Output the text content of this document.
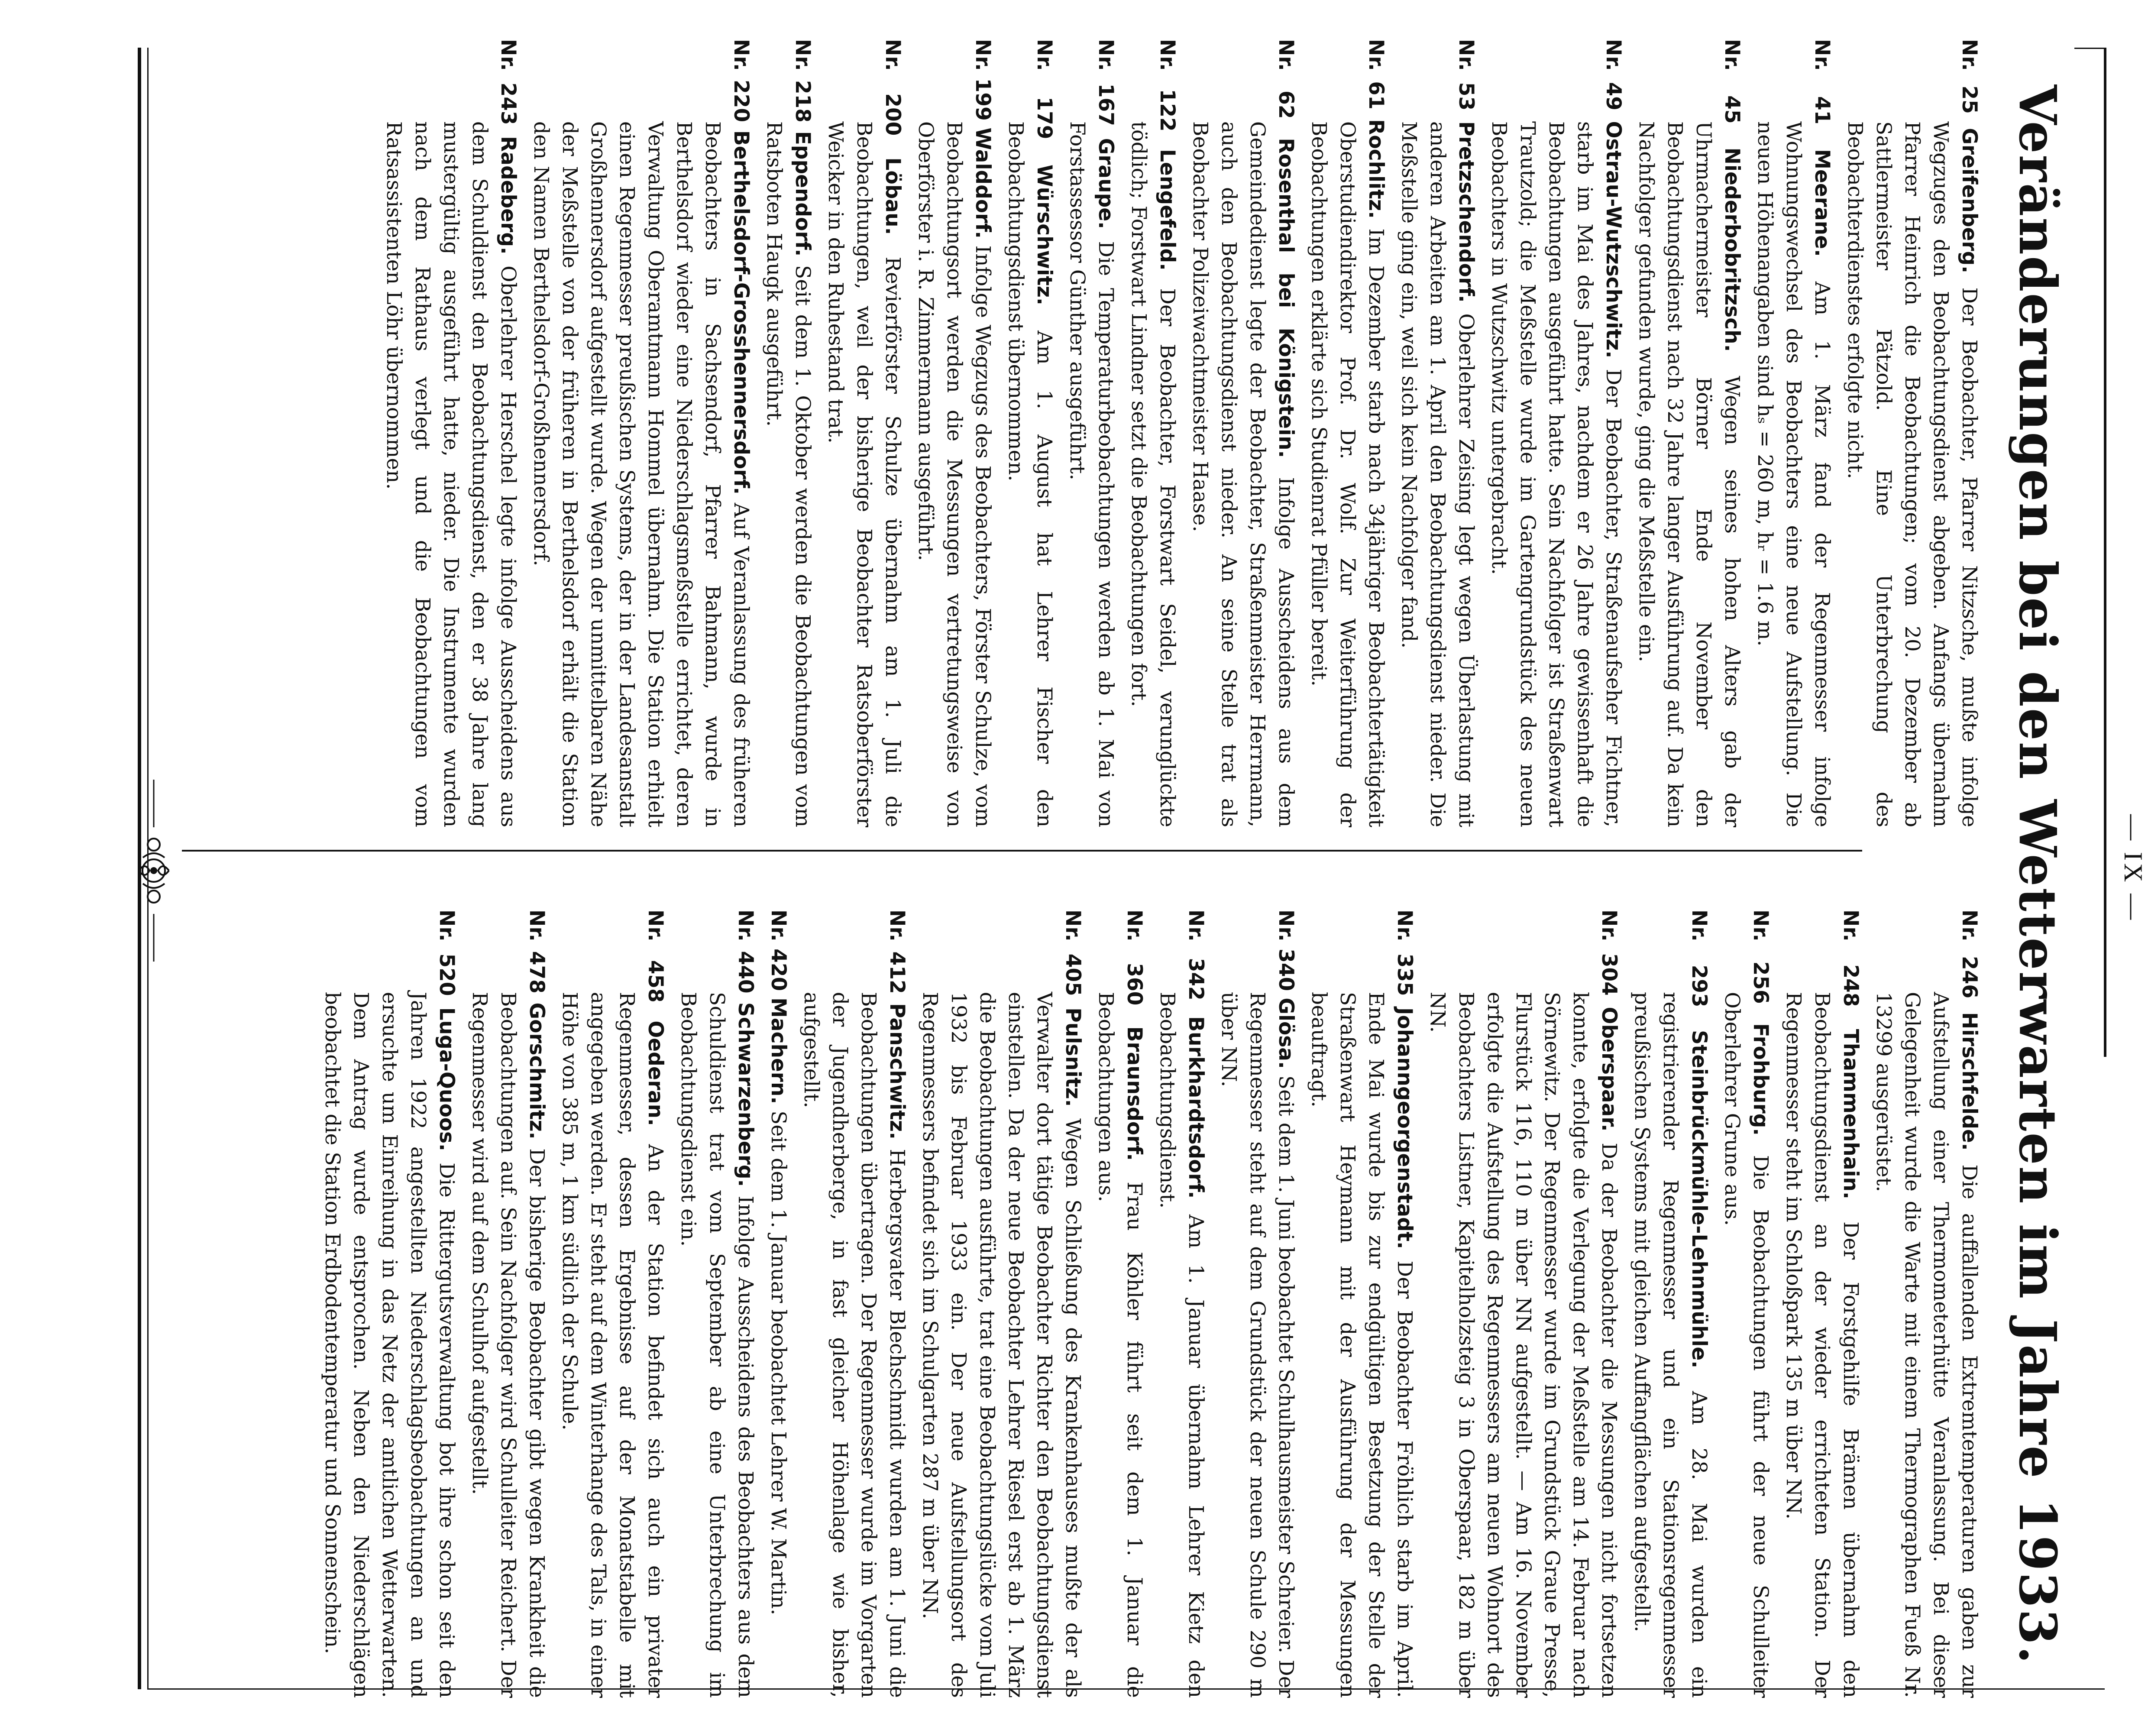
— IX —
Veränderungen bei den Wetterwarten im Jahre 1933.

Nr. 25 Greifenberg. Der Beobachter, Pfarrer Nitzsche, mußte infolge Wegzuges den Beobachtungsdienst abgeben. Anfangs übernahm Pfarrer Heinrich die Beobachtungen; vom 20. Dezember ab Sattlermeister Pätzold. Eine Unterbrechung des Beobachterdienstes erfolgte nicht.

Nr. 41 Meerane. Am 1. März fand der Regenmesser infolge Wohnungswechsel des Beobachters eine neue Aufstellung. Die neuen Höhenangaben sind hₛ = 260 m, hᵣ = 1.6 m.

Nr. 45 Niederbobritzsch. Wegen seines hohen Alters gab der Uhrmachermeister Börner Ende November den Beobachtungsdienst nach 32 Jahre langer Ausführung auf. Da kein Nachfolger gefunden wurde, ging die Meßstelle ein.

Nr. 49 Ostrau-Wutzschwitz. Der Beobachter, Straßenaufseher Fichtner, starb im Mai des Jahres, nachdem er 26 Jahre gewissenhaft die Beobachtungen ausgeführt hatte. Sein Nachfolger ist Straßenwart Trautzold; die Meßstelle wurde im Gartengrundstück des neuen Beobachters in Wutzschwitz untergebracht.

Nr. 53 Pretzschendorf. Oberlehrer Zeising legt wegen Überlastung mit anderen Arbeiten am 1. April den Beobachtungsdienst nieder. Die Meßstelle ging ein, weil sich kein Nachfolger fand.

Nr. 61 Rochlitz. Im Dezember starb nach 34jähriger Beobachtertätigkeit Oberstudiendirektor Prof. Dr. Wolf. Zur Weiterführung der Beobachtungen erklärte sich Studienrat Pfüller bereit.

Nr. 62 Rosenthal bei Königstein. Infolge Ausscheidens aus dem Gemeindedienst legte der Beobachter, Straßenmeister Herrmann, auch den Beobachtungsdienst nieder. An seine Stelle trat als Beobachter Polizeiwachtmeister Haase.

Nr. 122 Lengefeld. Der Beobachter, Forstwart Seidel, verunglückte tödlich; Forstwart Lindner setzt die Beobachtungen fort.

Nr. 167 Graupe. Die Temperaturbeobachtungen werden ab 1. Mai von Forstassessor Günther ausgeführt.

Nr. 179 Würschwitz. Am 1. August hat Lehrer Fischer den Beobachtungsdienst übernommen.

Nr. 199 Walddorf. Infolge Wegzugs des Beobachters, Förster Schulze, vom Beobachtungsort werden die Messungen vertretungsweise von Oberförster i. R. Zimmermann ausgeführt.

Nr. 200 Löbau. Revierförster Schulze übernahm am 1. Juli die Beobachtungen, weil der bisherige Beobachter Ratsoberförster Weicker in den Ruhestand trat.

Nr. 218 Eppendorf. Seit dem 1. Oktober werden die Beobachtungen vom Ratsboten Haugk ausgeführt.

Nr. 220 Berthelsdorf-Grosshennersdorf. Auf Veranlassung des früheren Beobachters in Sachsendorf, Pfarrer Bahmann, wurde in Berthelsdorf wieder eine Niederschlagsmeßstelle errichtet, deren Verwaltung Oberamtmann Hommel übernahm. Die Station erhielt einen Regenmesser preußischen Systems, der in der Landesanstalt Großhennersdorf aufgestellt wurde. Wegen der unmittelbaren Nähe der Meßstelle von der früheren in Berthelsdorf erhält die Station den Namen Berthelsdorf-Großhennersdorf.

Nr. 243 Radeberg. Oberlehrer Herschel legte infolge Ausscheidens aus dem Schuldienst den Beobachtungsdienst, den er 38 Jahre lang mustergültig ausgeführt hatte, nieder. Die Instrumente wurden nach dem Rathaus verlegt und die Beobachtungen vom Ratsassistenten Löhr übernommen.

Nr. 246 Hirschfelde. Die auffallenden Extremtemperaturen gaben zur Aufstellung einer Thermometerhütte Veranlassung. Bei dieser Gelegenheit wurde die Warte mit einem Thermographen Fueß Nr. 13299 ausgerüstet.

Nr. 248 Thammenhain. Der Forstgehilfe Brämen übernahm den Beobachtungsdienst an der wieder errichteten Station. Der Regenmesser steht im Schloßpark 135 m über NN.

Nr. 256 Frohburg. Die Beobachtungen führt der neue Schulleiter Oberlehrer Grune aus.

Nr. 293 Steinbrückmühle-Lehnmühle. Am 28. Mai wurden ein registrierender Regenmesser und ein Stationsregenmesser preußischen Systems mit gleichen Auffangflächen aufgestellt.

Nr. 304 Oberspaar. Da der Beobachter die Messungen nicht fortsetzen konnte, erfolgte die Verlegung der Meßstelle am 14. Februar nach Sörnewitz. Der Regenmesser wurde im Grundstück Graue Presse, Flurstück 116, 110 m über NN aufgestellt. — Am 16. November erfolgte die Aufstellung des Regenmessers am neuen Wohnort des Beobachters Listner, Kapitelholzsteig 3 in Oberspaar, 182 m über NN.

Nr. 335 Johanngeorgenstadt. Der Beobachter Fröhlich starb im April. Ende Mai wurde bis zur endgültigen Besetzung der Stelle der Straßenwart Heymann mit der Ausführung der Messungen beauftragt.

Nr. 340 Glösa. Seit dem 1. Juni beobachtet Schulhausmeister Schreier. Der Regenmesser steht auf dem Grundstück der neuen Schule 290 m über NN.

Nr. 342 Burkhardtsdorf. Am 1. Januar übernahm Lehrer Kietz den Beobachtungsdienst.

Nr. 360 Braunsdorf. Frau Köhler führt seit dem 1. Januar die Beobachtungen aus.

Nr. 405 Pulsnitz. Wegen Schließung des Krankenhauses mußte der als Verwalter dort tätige Beobachter Richter den Beobachtungsdienst einstellen. Da der neue Beobachter Lehrer Riesel erst ab 1. März die Beobachtungen ausführte, trat eine Beobachtungslücke vom Juli 1932 bis Februar 1933 ein. Der neue Aufstellungsort des Regenmessers befindet sich im Schulgarten 287 m über NN.

Nr. 412 Panschwitz. Herbergsvater Blechschmidt wurden am 1. Juni die Beobachtungen übertragen. Der Regenmesser wurde im Vorgarten der Jugendherberge, in fast gleicher Höhenlage wie bisher, aufgestellt.

Nr. 420 Machern. Seit dem 1. Januar beobachtet Lehrer W. Martin.

Nr. 440 Schwarzenberg. Infolge Ausscheidens des Beobachters aus dem Schuldienst trat vom September ab eine Unterbrechung im Beobachtungsdienst ein.

Nr. 458 Oederan. An der Station befindet sich auch ein privater Regenmesser, dessen Ergebnisse auf der Monatstabelle mit angegeben werden. Er steht auf dem Winterhange des Tals, in einer Höhe von 385 m, 1 km südlich der Schule.

Nr. 478 Gorschmitz. Der bisherige Beobachter gibt wegen Krankheit die Beobachtungen auf. Sein Nachfolger wird Schulleiter Reichert. Der Regenmesser wird auf dem Schulhof aufgestellt.

Nr. 520 Luga-Quoos. Die Rittergutsverwaltung bot ihre schon seit den Jahren 1922 angestellten Niederschlagsbeobachtungen an und ersuchte um Einreihung in das Netz der amtlichen Wetterwarten. Dem Antrag wurde entsprochen. Neben den Niederschlägen beobachtet die Station Erdbodentemperatur und Sonnenschein.
